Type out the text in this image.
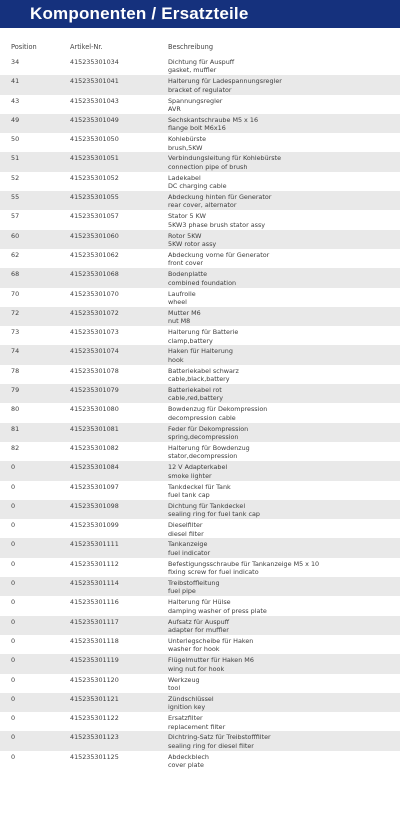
Komponenten / Ersatzteile
Position	Artikel-Nr.	Beschreibung
34	415235301034	Dichtung für Auspuff
gasket, muffler
41	415235301041	Halterung für Ladespannungsregler
bracket of regulator
43	415235301043	Spannungsregler
AVR
49	415235301049	Sechskantschraube M5 x 16
flange bolt M6x16
50	415235301050	Kohlebürste
brush,5KW
51	415235301051	Verbindungsleitung für Kohlebürste
connection pipe of brush
52	415235301052	Ladekabel
DC charging cable
55	415235301055	Abdeckung hinten für Generator
rear cover, alternator
57	415235301057	Stator 5 KW
5KW3 phase brush stator assy
60	415235301060	Rotor 5KW
5KW rotor assy
62	415235301062	Abdeckung vorne für Generator
front cover
68	415235301068	Bodenplatte
combined foundation
70	415235301070	Laufrolle
wheel
72	415235301072	Mutter M6
nut M8
73	415235301073	Halterung für Batterie
clamp,battery
74	415235301074	Haken für Halterung
hook
78	415235301078	Batteriekabel schwarz
cable,black,battery
79	415235301079	Batteriekabel rot
cable,red,battery
80	415235301080	Bowdenzug für Dekompression
decompression cable
81	415235301081	Feder für Dekompression
spring,decompression
82	415235301082	Halterung für Bowdenzug
stator,decompression
0	415235301084	12 V Adapterkabel
smoke lighter
0	415235301097	Tankdeckel für Tank
fuel tank cap
0	415235301098	Dichtung für Tankdeckel
sealing ring for fuel tank cap
0	415235301099	Dieselfilter
diesel filter
0	415235301111	Tankanzeige
fuel indicator
0	415235301112	Befestigungsschraube für Tankanzeige M5 x 10
fixing screw for fuel indicato
0	415235301114	Treibstoffleitung
fuel pipe
0	415235301116	Halterung für Hülse
damping washer of press plate
0	415235301117	Aufsatz für Auspuff
adapter for muffler
0	415235301118	Unterlegscheibe für Haken
washer for hook
0	415235301119	Flügelmutter für Haken M6
wing nut for hook
0	415235301120	Werkzeug
tool
0	415235301121	Zündschlüssel
ignition key
0	415235301122	Ersatzfilter
replacement filter
0	415235301123	Dichtring-Satz für Treibstofffilter
sealing ring for diesel filter
0	415235301125	Abdeckblech
cover plate
